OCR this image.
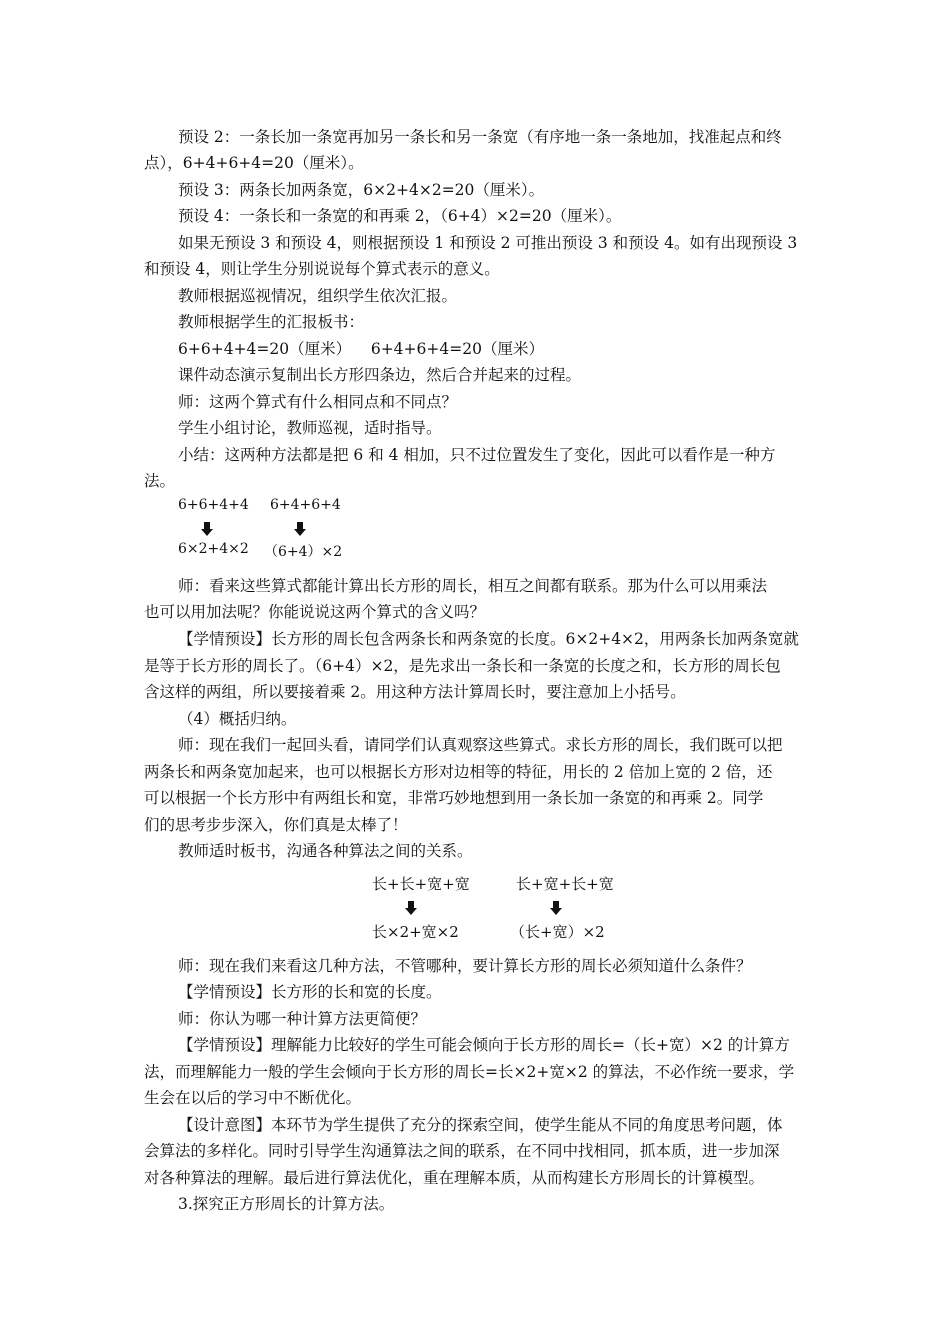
预设 2：一条长加一条宽再加另一条长和另一条宽（有序地一条一条地加，找准起点和终
点），6+4+6+4=20（厘米）。
预设 3：两条长加两条宽，6×2+4×2=20（厘米）。
预设 4：一条长和一条宽的和再乘 2，（6+4）×2=20（厘米）。
如果无预设 3 和预设 4，则根据预设 1 和预设 2 可推出预设 3 和预设 4。如有出现预设 3
和预设 4，则让学生分别说说每个算式表示的意义。
教师根据巡视情况，组织学生依次汇报。
教师根据学生的汇报板书：
6+6+4+4=20（厘米）    6+4+6+4=20（厘米）
课件动态演示复制出长方形四条边，然后合并起来的过程。
师：这两个算式有什么相同点和不同点？
学生小组讨论，教师巡视，适时指导。
小结：这两种方法都是把 6 和 4 相加，只不过位置发生了变化，因此可以看作是一种方
法。
6+6+4+4 6+4+6+4
6×2+4×2 （6+4）×2
师：看来这些算式都能计算出长方形的周长，相互之间都有联系。那为什么可以用乘法
也可以用加法呢？你能说说这两个算式的含义吗？
【学情预设】长方形的周长包含两条长和两条宽的长度。6×2+4×2，用两条长加两条宽就
是等于长方形的周长了。（6+4）×2，是先求出一条长和一条宽的长度之和，长方形的周长包
含这样的两组，所以要接着乘 2。用这种方法计算周长时，要注意加上小括号。
（4）概括归纳。
师：现在我们一起回头看，请同学们认真观察这些算式。求长方形的周长，我们既可以把
两条长和两条宽加起来，也可以根据长方形对边相等的特征，用长的 2 倍加上宽的 2 倍，还
可以根据一个长方形中有两组长和宽，非常巧妙地想到用一条长加一条宽的和再乘 2。同学
们的思考步步深入，你们真是太棒了！
教师适时板书，沟通各种算法之间的关系。
长+长+宽+宽	长+宽+长+宽
长×2+宽×2	（长+宽）×2
师：现在我们来看这几种方法，不管哪种，要计算长方形的周长必须知道什么条件？
【学情预设】长方形的长和宽的长度。
师：你认为哪一种计算方法更简便？
【学情预设】理解能力比较好的学生可能会倾向于长方形的周长=（长+宽）×2 的计算方
法，而理解能力一般的学生会倾向于长方形的周长=长×2+宽×2 的算法，不必作统一要求，学
生会在以后的学习中不断优化。
【设计意图】本环节为学生提供了充分的探索空间，使学生能从不同的角度思考问题，体
会算法的多样化。同时引导学生沟通算法之间的联系，在不同中找相同，抓本质，进一步加深
对各种算法的理解。最后进行算法优化，重在理解本质，从而构建长方形周长的计算模型。
3.探究正方形周长的计算方法。
